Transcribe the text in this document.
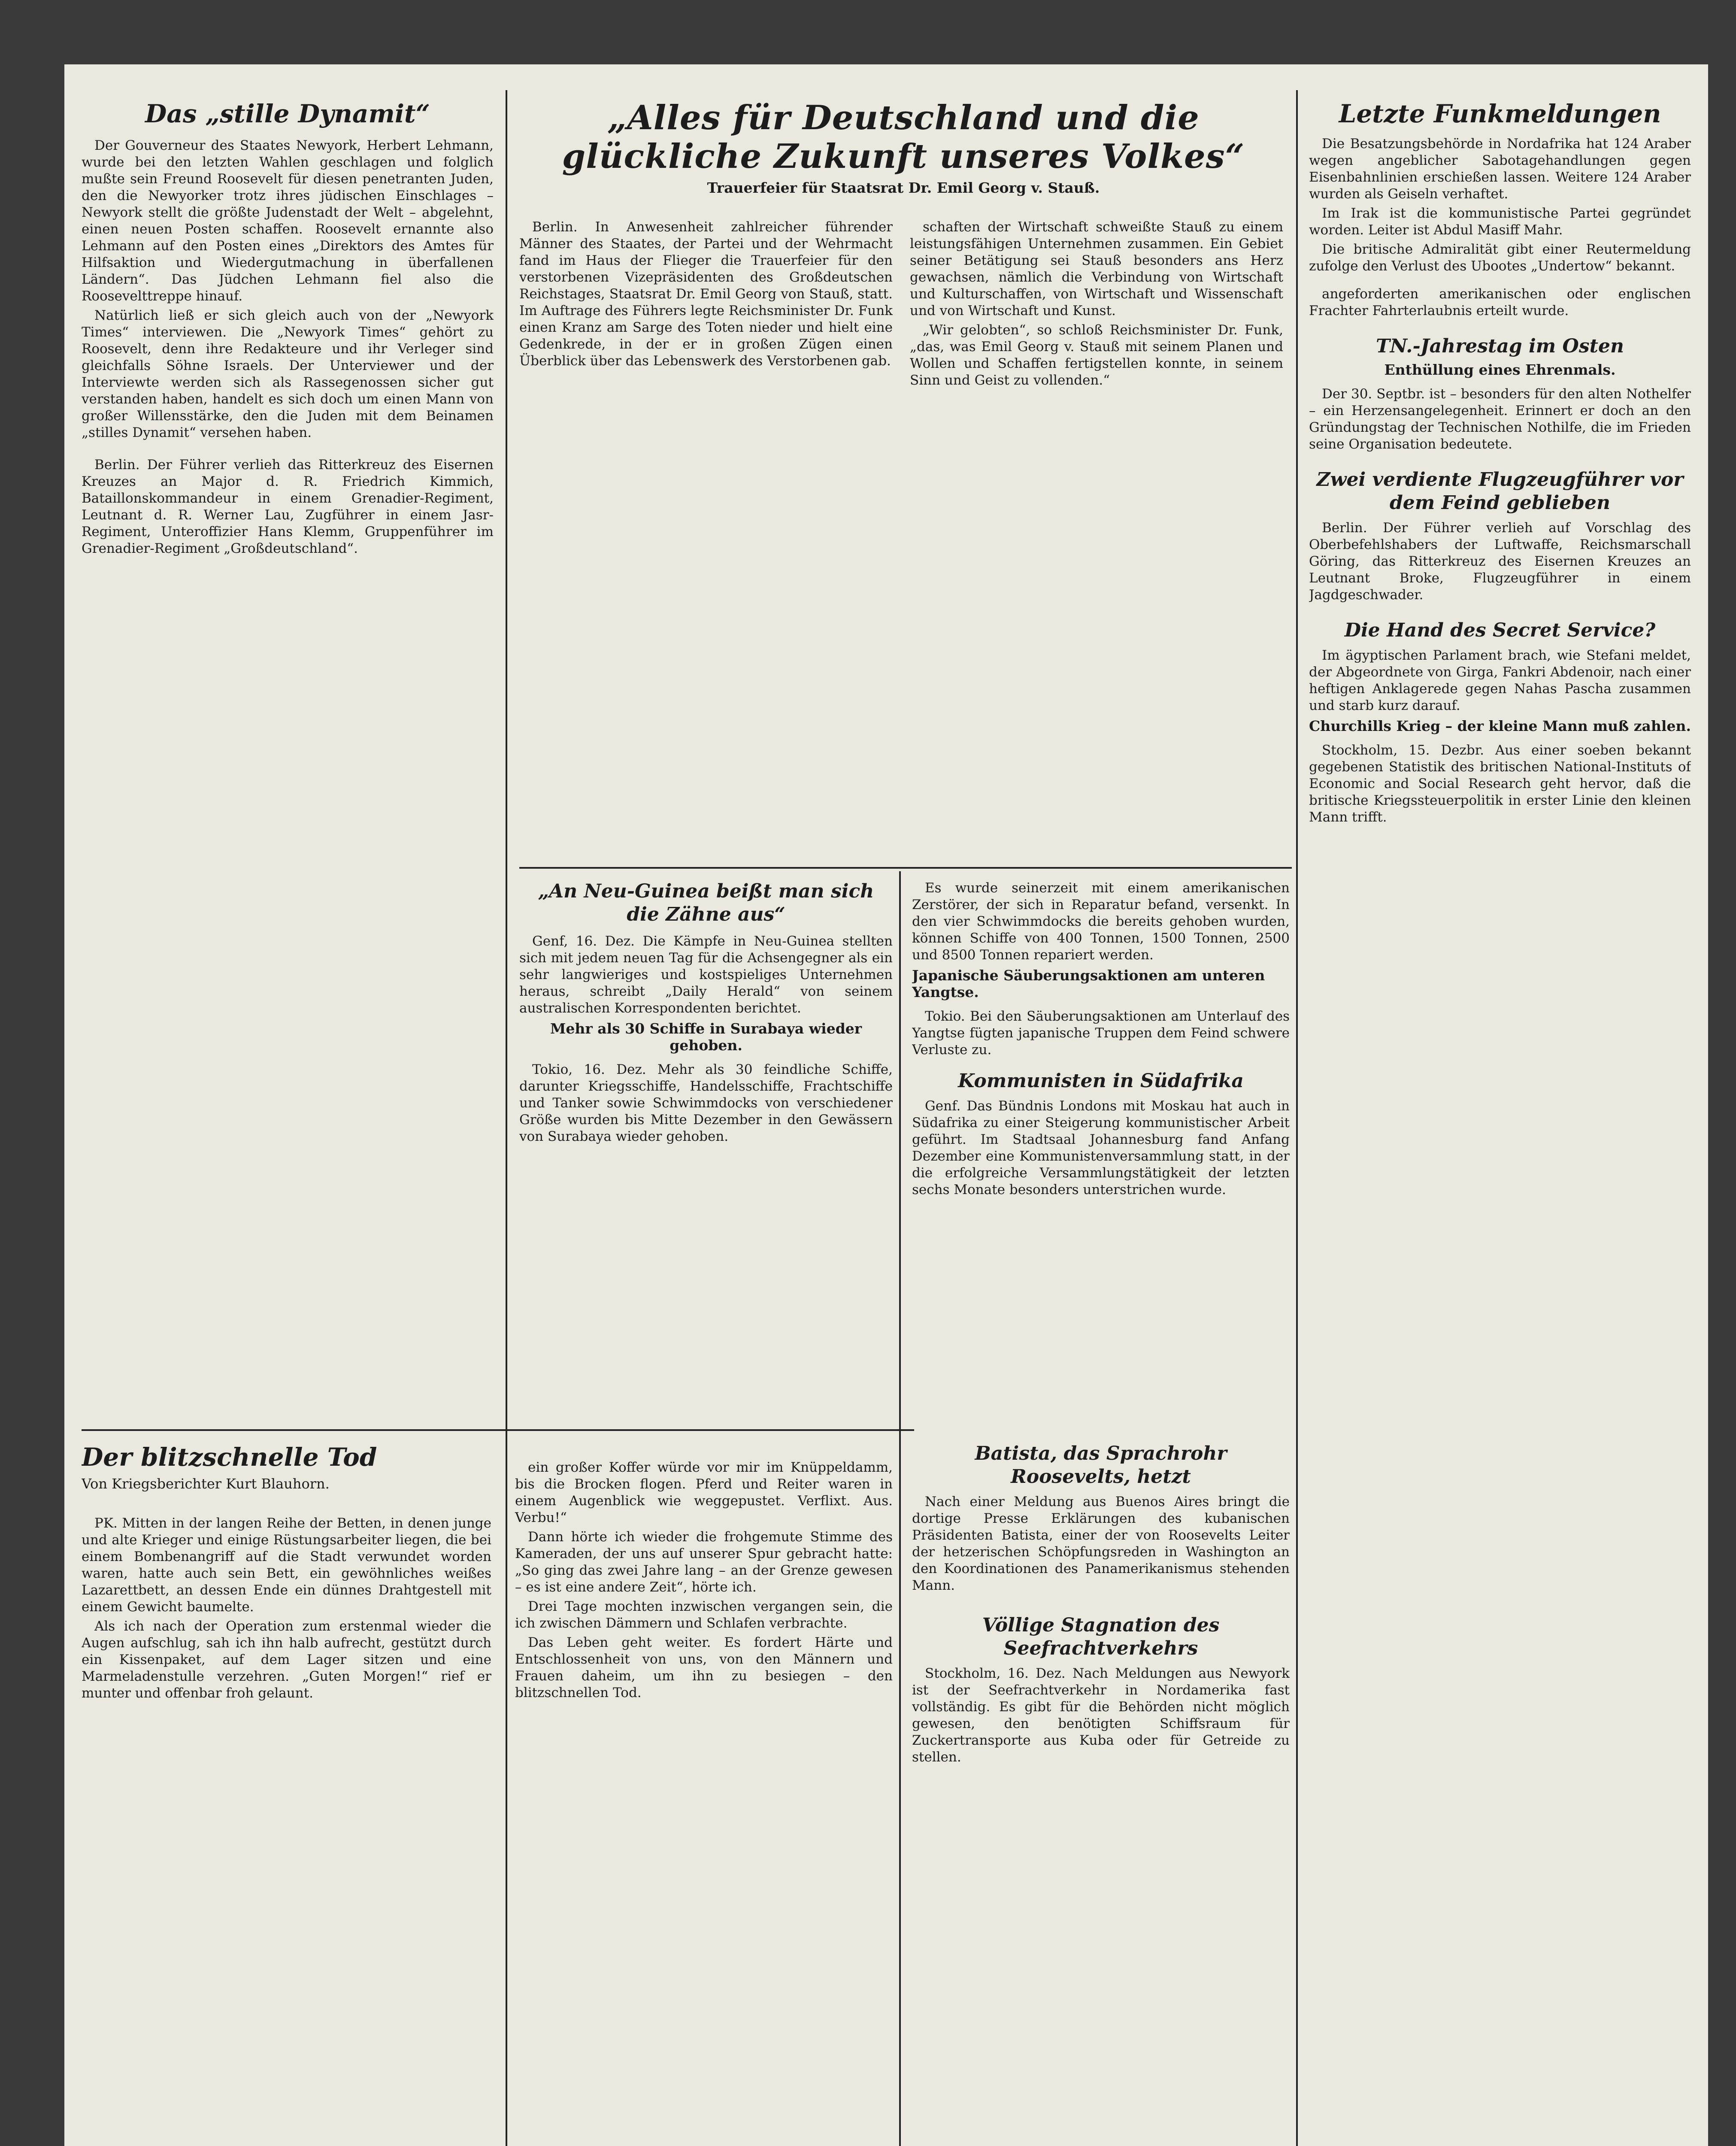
Das „stille Dynamit“

Der Gouverneur des Staates Newyork, Herbert Lehmann, wurde bei den letzten Wahlen geschlagen und folglich mußte sein Freund Roosevelt für diesen penetranten Juden, den die Newyorker trotz ihres jüdischen Einschlages – Newyork stellt die größte Judenstadt der Welt – abgelehnt, einen neuen Posten schaffen. Roosevelt ernannte also Lehmann auf den Posten eines „Direktors des Amtes für Hilfsaktion und Wiedergutmachung in überfallenen Ländern“. Das Jüdchen Lehmann fiel also die Roosevelttreppe hinauf.

Natürlich ließ er sich gleich auch von der „Newyork Times“ interviewen. Die „Newyork Times“ gehört zu Roosevelt, denn ihre Redakteure und ihr Verleger sind gleichfalls Söhne Israels. Der Unterviewer und der Interviewte werden sich als Rassegenossen sicher gut verstanden haben, handelt es sich doch um einen Mann von großer Willensstärke, den die Juden mit dem Beinamen „stilles Dynamit“ versehen haben.

Berlin. Der Führer verlieh das Ritterkreuz des Eisernen Kreuzes an Major d. R. Friedrich Kimmich, Bataillonskommandeur in einem Grenadier-Regiment, Leutnant d. R. Werner Lau, Zugführer in einem Jasr-Regiment, Unteroffizier Hans Klemm, Gruppenführer im Grenadier-Regiment „Großdeutschland“.

Der blitzschnelle Tod
Von Kriegsberichter Kurt Blauhorn.

PK. Mitten in der langen Reihe der Betten, in denen junge und alte Krieger und einige Rüstungsarbeiter liegen, die bei einem Bombenangriff auf die Stadt verwundet worden waren, hatte auch sein Bett, ein gewöhnliches weißes Lazarettbett, an dessen Ende ein dünnes Drahtgestell mit einem Gewicht baumelte.

Als ich nach der Operation zum erstenmal wieder die Augen aufschlug, sah ich ihn halb aufrecht, gestützt durch ein Kissenpaket, auf dem Lager sitzen und eine Marmeladenstulle verzehren. „Guten Morgen!“ rief er munter und offenbar froh gelaunt.

ein großer Koffer würde vor mir im Knüppeldamm, bis die Brocken flogen. Pferd und Reiter waren in einem Augenblick wie weggepustet. Verflixt. Aus. Verbu!“

Dann hörte ich wieder die frohgemute Stimme des Kameraden, der uns auf unserer Spur gebracht hatte: „So ging das zwei Jahre lang – an der Grenze gewesen – es ist eine andere Zeit“, hörte ich.

Drei Tage mochten inzwischen vergangen sein, die ich zwischen Dämmern und Schlafen verbrachte.

Das Leben geht weiter. Es fordert Härte und Entschlossenheit von uns, von den Männern und Frauen daheim, um ihn zu besiegen – den blitzschnellen Tod.

„Alles für Deutschland und die glückliche Zukunft unseres Volkes“
Trauerfeier für Staatsrat Dr. Emil Georg v. Stauß.

Berlin. In Anwesenheit zahlreicher führender Männer des Staates, der Partei und der Wehrmacht fand im Haus der Flieger die Trauerfeier für den verstorbenen Vizepräsidenten des Großdeutschen Reichstages, Staatsrat Dr. Emil Georg von Stauß, statt. Im Auftrage des Führers legte Reichsminister Dr. Funk einen Kranz am Sarge des Toten nieder und hielt eine Gedenkrede, in der er in großen Zügen einen Überblick über das Lebenswerk des Verstorbenen gab.

schaften der Wirtschaft schweißte Stauß zu einem leistungsfähigen Unternehmen zusammen. Ein Gebiet seiner Betätigung sei Stauß besonders ans Herz gewachsen, nämlich die Verbindung von Wirtschaft und Kulturschaffen, von Wirtschaft und Wissenschaft und von Wirtschaft und Kunst.

„Wir gelobten“, so schloß Reichsminister Dr. Funk, „das, was Emil Georg v. Stauß mit seinem Planen und Wollen und Schaffen fertigstellen konnte, in seinem Sinn und Geist zu vollenden.“

„An Neu-Guinea beißt man sich die Zähne aus“

Genf, 16. Dez. Die Kämpfe in Neu-Guinea stellten sich mit jedem neuen Tag für die Achsengegner als ein sehr langwieriges und kostspieliges Unternehmen heraus, schreibt „Daily Herald“ von seinem australischen Korrespondenten berichtet.

Mehr als 30 Schiffe in Surabaya wieder gehoben.

Tokio, 16. Dez. Mehr als 30 feindliche Schiffe, darunter Kriegsschiffe, Handelsschiffe, Frachtschiffe und Tanker sowie Schwimmdocks von verschiedener Größe wurden bis Mitte Dezember in den Gewässern von Surabaya wieder gehoben.

Es wurde seinerzeit mit einem amerikanischen Zerstörer, der sich in Reparatur befand, versenkt. In den vier Schwimmdocks die bereits gehoben wurden, können Schiffe von 400 Tonnen, 1500 Tonnen, 2500 und 8500 Tonnen repariert werden.

Japanische Säuberungsaktionen am unteren Yangtse.

Tokio. Bei den Säuberungsaktionen am Unterlauf des Yangtse fügten japanische Truppen dem Feind schwere Verluste zu.

Kommunisten in Südafrika

Genf. Das Bündnis Londons mit Moskau hat auch in Südafrika zu einer Steigerung kommunistischer Arbeit geführt. Im Stadtsaal Johannesburg fand Anfang Dezember eine Kommunistenversammlung statt, in der die erfolgreiche Versammlungstätigkeit der letzten sechs Monate besonders unterstrichen wurde.

Batista, das Sprachrohr Roosevelts, hetzt

Nach einer Meldung aus Buenos Aires bringt die dortige Presse Erklärungen des kubanischen Präsidenten Batista, einer der von Roosevelts Leiter der hetzerischen Schöpfungsreden in Washington an den Koordinationen des Panamerikanismus stehenden Mann.

Völlige Stagnation des Seefrachtverkehrs

Stockholm, 16. Dez. Nach Meldungen aus Newyork ist der Seefrachtverkehr in Nordamerika fast vollständig. Es gibt für die Behörden nicht möglich gewesen, den benötigten Schiffsraum für Zuckertransporte aus Kuba oder für Getreide zu stellen.

Letzte Funkmeldungen

Die Besatzungsbehörde in Nordafrika hat 124 Araber wegen angeblicher Sabotagehandlungen gegen Eisenbahnlinien erschießen lassen. Weitere 124 Araber wurden als Geiseln verhaftet.

Im Irak ist die kommunistische Partei gegründet worden. Leiter ist Abdul Masiff Mahr.

Die britische Admiralität gibt einer Reutermeldung zufolge den Verlust des Ubootes „Undertow“ bekannt.

angeforderten amerikanischen oder englischen Frachter Fahrterlaubnis erteilt wurde.

TN.-Jahrestag im Osten
Enthüllung eines Ehrenmals.

Der 30. Septbr. ist – besonders für den alten Nothelfer – ein Herzensangelegenheit. Erinnert er doch an den Gründungstag der Technischen Nothilfe, die im Frieden seine Organisation bedeutete.

Zwei verdiente Flugzeugführer vor dem Feind geblieben

Berlin. Der Führer verlieh auf Vorschlag des Oberbefehlshabers der Luftwaffe, Reichsmarschall Göring, das Ritterkreuz des Eisernen Kreuzes an Leutnant Broke, Flugzeugführer in einem Jagdgeschwader.

Die Hand des Secret Service?

Im ägyptischen Parlament brach, wie Stefani meldet, der Abgeordnete von Girga, Fankri Abdenoir, nach einer heftigen Anklagerede gegen Nahas Pascha zusammen und starb kurz darauf.

Churchills Krieg – der kleine Mann muß zahlen.

Stockholm, 15. Dezbr. Aus einer soeben bekannt gegebenen Statistik des britischen National-Instituts of Economic and Social Research geht hervor, daß die britische Kriegssteuerpolitik in erster Linie den kleinen Mann trifft.
